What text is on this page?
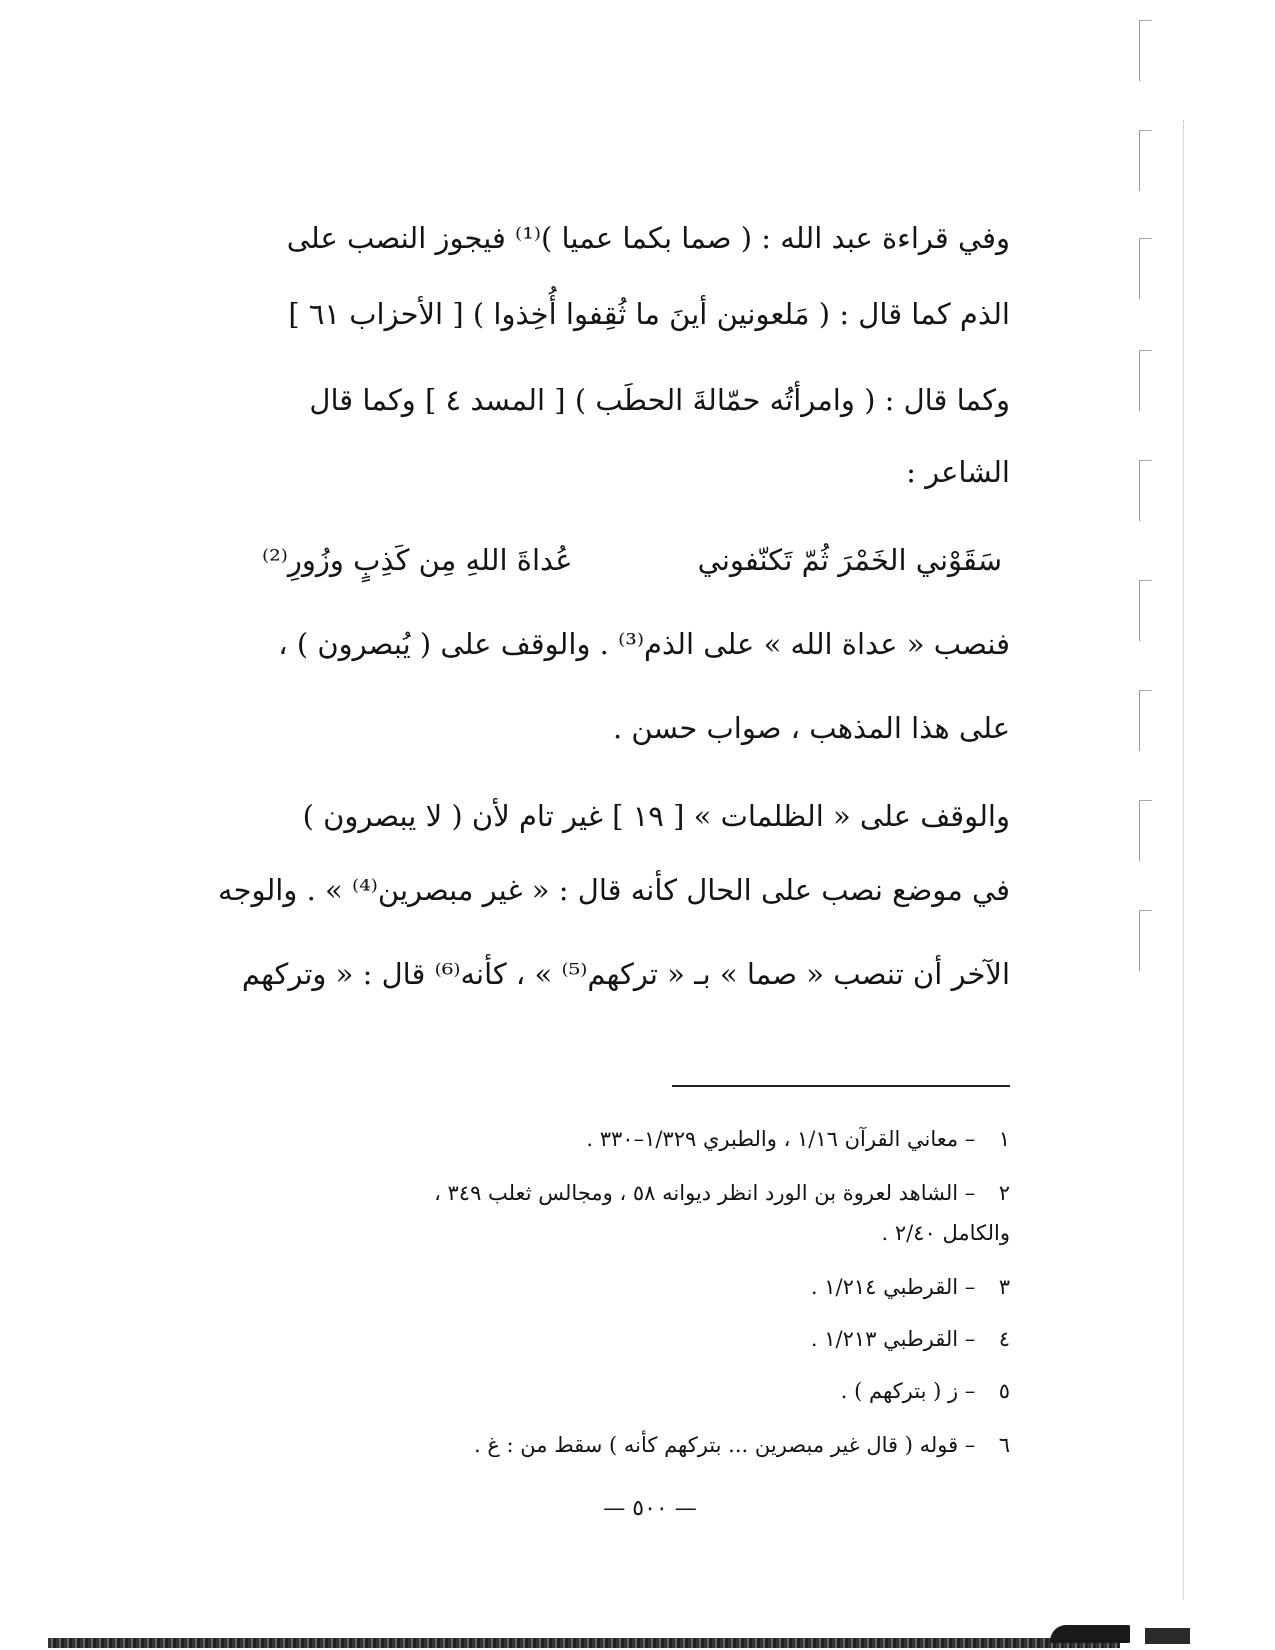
وفي قراءة عبد الله : ( صما بكما عميا )⁽¹⁾ فيجوز النصب على
الذم كما قال : ( مَلعونين أينَ ما ثُقِفوا أُخِذوا ) [ الأحزاب ٦١ ]
وكما قال : ( وامرأتُه حمّالةَ الحطَب ) [ المسد ٤ ] وكما قال
الشاعر :
سَقَوْني الخَمْرَ ثُمّ تَكنّفوني
عُداةَ اللهِ مِن كَذِبٍ وزُورِ⁽²⁾
فنصب « عداة الله » على الذم⁽³⁾ . والوقف على ( يُبصرون ) ،
على هذا المذهب ، صواب حسن .
والوقف على « الظلمات » [ ١٩ ] غير تام لأن ( لا يبصرون )
في موضع نصب على الحال كأنه قال : « غير مبصرين⁽⁴⁾ » . والوجه
الآخر أن تنصب « صما » بـ « تركهم⁽⁵⁾ » ، كأنه⁽⁶⁾ قال : « وتركهم
١ – معاني القرآن ١/١٦ ، والطبري ١/٣٢٩–٣٣٠ .
٢ – الشاهد لعروة بن الورد انظر ديوانه ٥٨ ، ومجالس ثعلب ٣٤٩ ،
والكامل ٢/٤٠ .
٣ – القرطبي ١/٢١٤ .
٤ – القرطبي ١/٢١٣ .
٥ – ز ( بتركهم ) .
٦ – قوله ( قال غير مبصرين ... بتركهم كأنه ) سقط من : غ .
— ٥٠٠ —
